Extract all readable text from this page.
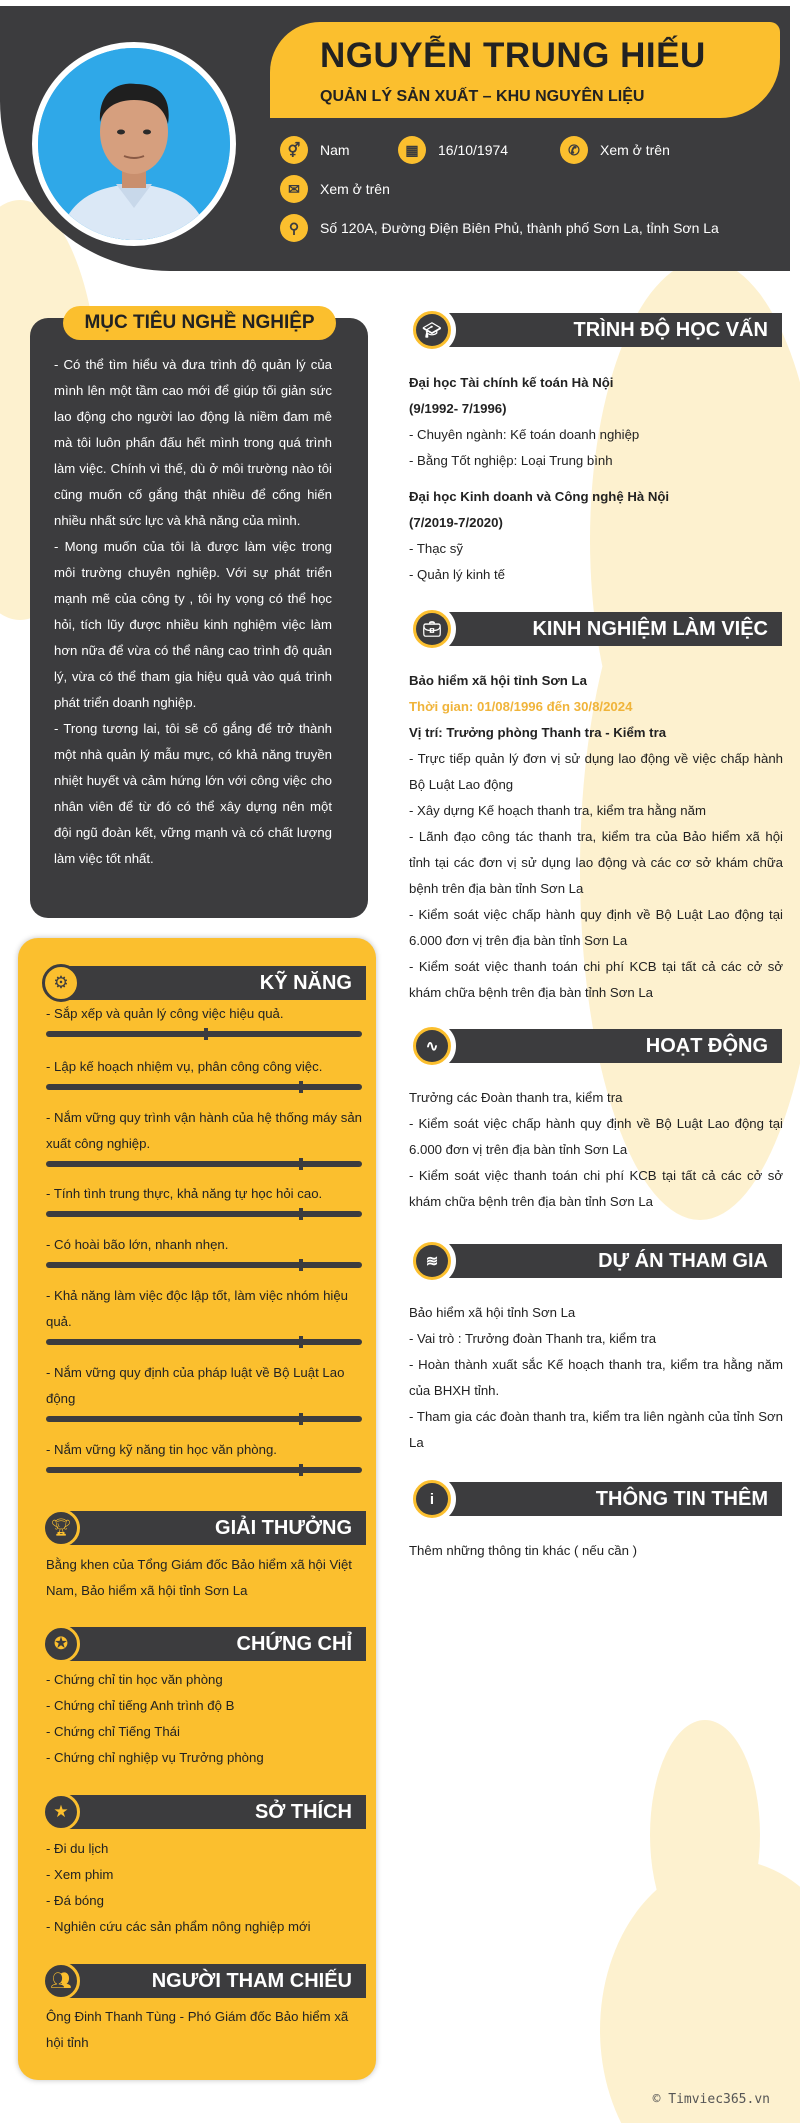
NGUYỄN TRUNG HIẾU
QUẢN LÝ SẢN XUẤT – KHU NGUYÊN LIỆU
⚥	Nam	▦	16/10/1974	✆	Xem ở trên
✉	Xem ở trên
⚲	Số 120A, Đường Điện Biên Phủ, thành phố Sơn La, tỉnh Sơn La
MỤC TIÊU NGHỀ NGHIỆP

- Có thể tìm hiểu và đưa trình độ quản lý của mình lên một tầm cao mới để giúp tối giản sức lao động cho người lao động là niềm đam mê mà tôi luôn phấn đấu hết mình trong quá trình làm việc. Chính vì thế, dù ở môi trường nào tôi cũng muốn cố gắng thật nhiều để cống hiến nhiều nhất sức lực và khả năng của mình.

- Mong muốn của tôi là được làm việc trong môi trường chuyên nghiệp. Với sự phát triển mạnh mẽ của công ty , tôi hy vọng có thể học hỏi, tích lũy được nhiều kinh nghiệm việc làm hơn nữa để vừa có thể nâng cao trình độ quản lý, vừa có thể tham gia hiệu quả vào quá trình phát triển doanh nghiệp.

- Trong tương lai, tôi sẽ cố gắng để trở thành một nhà quản lý mẫu mực, có khả năng truyền nhiệt huyết và cảm hứng lớn với công việc cho nhân viên để từ đó có thể xây dựng nên một đội ngũ đoàn kết, vững mạnh và có chất lượng làm việc tốt nhất.

KỸ NĂNG
⚙
- Sắp xếp và quản lý công việc hiệu quả.
- Lập kế hoạch nhiệm vụ, phân công công việc.
- Nắm vững quy trình vận hành của hệ thống máy sản xuất công nghiệp.
- Tính tình trung thực, khả năng tự học hỏi cao.
- Có hoài bão lớn, nhanh nhẹn.
- Khả năng làm việc độc lập tốt, làm việc nhóm hiệu quả.
- Nắm vững quy định của pháp luật về Bộ Luật Lao động
- Nắm vững kỹ năng tin học văn phòng.
GIẢI THƯỞNG
🏆︎
Bằng khen của Tổng Giám đốc Bảo hiểm xã hội Việt Nam, Bảo hiểm xã hội tỉnh Sơn La
CHỨNG CHỈ
✪
- Chứng chỉ tin học văn phòng
- Chứng chỉ tiếng Anh trình độ B
- Chứng chỉ Tiếng Thái
- Chứng chỉ nghiệp vụ Trưởng phòng
SỞ THÍCH
★
- Đi du lịch
- Xem phim
- Đá bóng
- Nghiên cứu các sản phẩm nông nghiệp mới
NGƯỜI THAM CHIẾU
👥︎
Ông Đinh Thanh Tùng - Phó Giám đốc Bảo hiểm xã hội tỉnh
TRÌNH ĐỘ HỌC VẤN
🎓︎

Đại học Tài chính kế toán Hà Nội

(9/1992- 7/1996)

- Chuyên ngành: Kế toán doanh nghiệp

- Bằng Tốt nghiệp: Loại Trung bình

Đại học Kinh doanh và Công nghệ Hà Nội

(7/2019-7/2020)

- Thạc sỹ

- Quản lý kinh tế

KINH NGHIỆM LÀM VIỆC
💼︎

Bảo hiểm xã hội tỉnh Sơn La

Thời gian: 01/08/1996 đến 30/8/2024

Vị trí: Trưởng phòng Thanh tra - Kiểm tra

- Trực tiếp quản lý đơn vị sử dụng lao động về việc chấp hành Bộ Luật Lao động

- Xây dựng Kế hoạch thanh tra, kiểm tra hằng năm

- Lãnh đạo công tác thanh tra, kiểm tra của Bảo hiểm xã hội tỉnh tại các đơn vị sử dụng lao động và các cơ sở khám chữa bệnh trên địa bàn tỉnh Sơn La

- Kiểm soát việc chấp hành quy định về Bộ Luật Lao động tại 6.000 đơn vị trên địa bàn tỉnh Sơn La

- Kiểm soát việc thanh toán chi phí KCB tại tất cả các cở sở khám chữa bệnh trên địa bàn tỉnh Sơn La

HOẠT ĐỘNG
∿

Trưởng các Đoàn thanh tra, kiểm tra

- Kiểm soát việc chấp hành quy định về Bộ Luật Lao động tại 6.000 đơn vị trên địa bàn tỉnh Sơn La

- Kiểm soát việc thanh toán chi phí KCB tại tất cả các cở sở khám chữa bệnh trên địa bàn tỉnh Sơn La

DỰ ÁN THAM GIA
≋

Bảo hiểm xã hội tỉnh Sơn La

- Vai trò : Trưởng đoàn Thanh tra, kiểm tra

- Hoàn thành xuất sắc Kế hoạch thanh tra, kiểm tra hằng năm của BHXH tỉnh.

- Tham gia các đoàn thanh tra, kiểm tra liên ngành của tỉnh Sơn La

THÔNG TIN THÊM
i
Thêm những thông tin khác ( nếu cần )
© Timviec365.vn
